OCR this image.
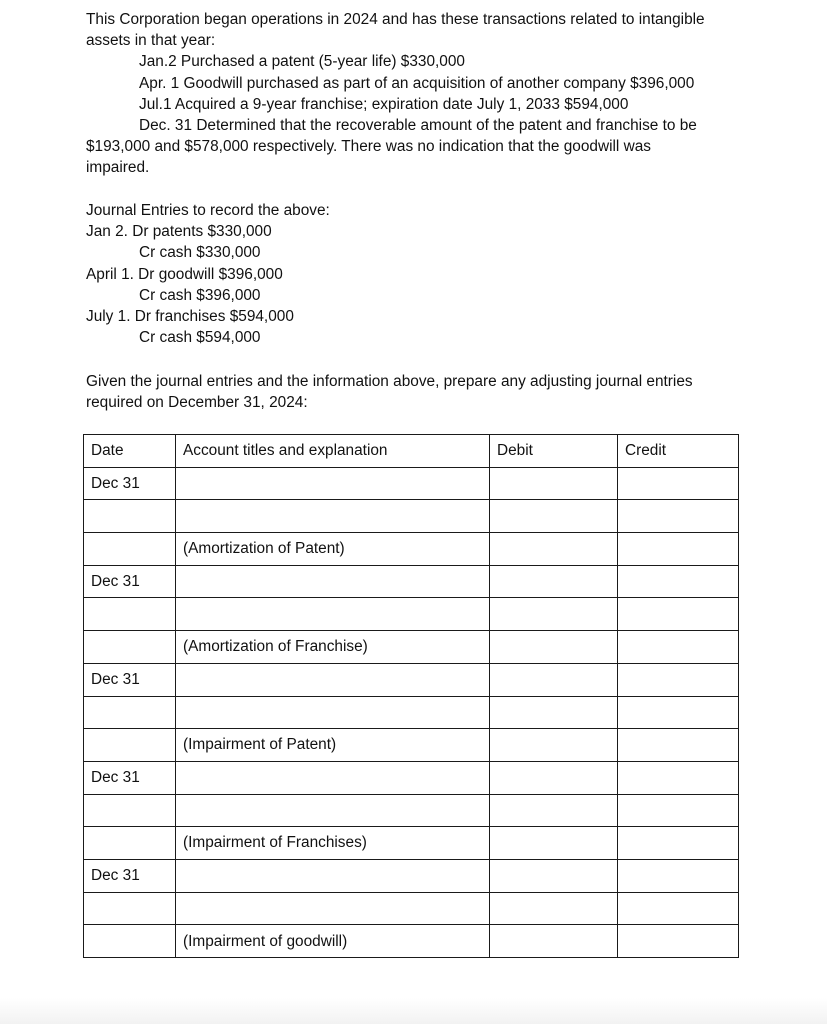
This Corporation began operations in 2024 and has these transactions related to intangible
assets in that year:
Jan.2 Purchased a patent (5-year life) $330,000
Apr. 1 Goodwill purchased as part of an acquisition of another company $396,000
Jul.1 Acquired a 9-year franchise; expiration date July 1, 2033 $594,000
Dec. 31 Determined that the recoverable amount of the patent and franchise to be
$193,000 and $578,000 respectively. There was no indication that the goodwill was
impaired.
Journal Entries to record the above:
Jan 2. Dr patents $330,000
Cr cash $330,000
April 1. Dr goodwill $396,000
Cr cash $396,000
July 1. Dr franchises $594,000
Cr cash $594,000
Given the journal entries and the information above, prepare any adjusting journal entries
required on December 31, 2024:
Date	Account titles and explanation	Debit	Credit
Dec 31			

	(Amortization of Patent)		
Dec 31			

	(Amortization of Franchise)		
Dec 31			

	(Impairment of Patent)		
Dec 31			

	(Impairment of Franchises)		
Dec 31			

	(Impairment of goodwill)		
